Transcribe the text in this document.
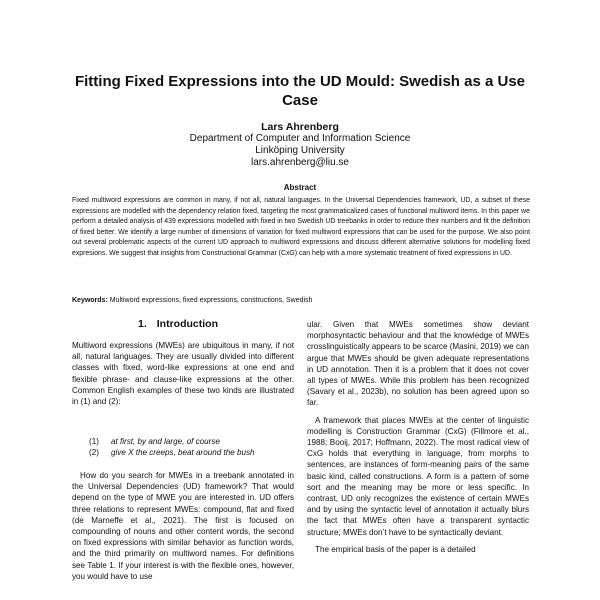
Fitting Fixed Expressions into the UD Mould: Swedish as a Use Case
Lars Ahrenberg
Department of Computer and Information Science
Linköping University
lars.ahrenberg@liu.se
Abstract
Fixed multiword expressions are common in many, if not all, natural languages. In the Universal Dependencies framework, UD, a subset of these expressions are modelled with the dependency relation fixed, targeting the most grammaticalized cases of functional multiword items. In this paper we perform a detailed analysis of 439 expressions modelled with fixed in two Swedish UD treebanks in order to reduce their numbers and fit the definition of fixed better. We identify a large number of dimensions of variation for fixed multiword expressions that can be used for the purpose. We also point out several problematic aspects of the current UD approach to multiword expressions and discuss different alternative solutions for modelling fixed expresions. We suggest that insights from Constructional Grammar (CxG) can help with a more systematic treatment of fixed expressions in UD.
Keywords: Multiword expressions, fixed expressions, constructions, Swedish
1. Introduction

Multiword expressions (MWEs) are ubiquitous in many, if not all, natural languages. They are usually divided into different classes with fixed, word-like expressions at one end and flexible phrase- and clause-like expressions at the other. Common English examples of these two kinds are illustrated in (1) and (2):

(1) at first, by and large, of course
(2) give X the creeps, beat around the bush

How do you search for MWEs in a treebank annotated in the Universal Dependencies (UD) framework? That would depend on the type of MWE you are interested in. UD offers three relations to represent MWEs: compound, flat and fixed (de Marneffe et al., 2021). The first is focused on compounding of nouns and other content words, the second on fixed expressions with similar behavior as function words, and the third primarily on multiword names. For definitions see Table 1. If your interest is with the flexible ones, however, you would have to use

ular. Given that MWEs sometimes show deviant morphosyntactic behaviour and that the knowledge of MWEs crosslinguistically appears to be scarce (Masini, 2019) we can argue that MWEs should be given adequate representations in UD annotation. Then it is a problem that it does not cover all types of MWEs. While this problem has been recognized (Savary et al., 2023b), no solution has been agreed upon so far.

A framework that places MWEs at the center of linguistic modelling is Construction Grammar (CxG) (Fillmore et al., 1988; Booij, 2017; Hoffmann, 2022). The most radical view of CxG holds that everything in language, from morphs to sentences, are instances of form-meaning pairs of the same basic kind, called constructions. A form is a pattern of some sort and the meaning may be more or less specific. In contrast, UD only recognizes the existence of certain MWEs and by using the syntactic level of annotation it actually blurs the fact that MWEs often have a transparent syntactic structure; MWEs don’t have to be syntactically deviant.

The empirical basis of the paper is a detailed
